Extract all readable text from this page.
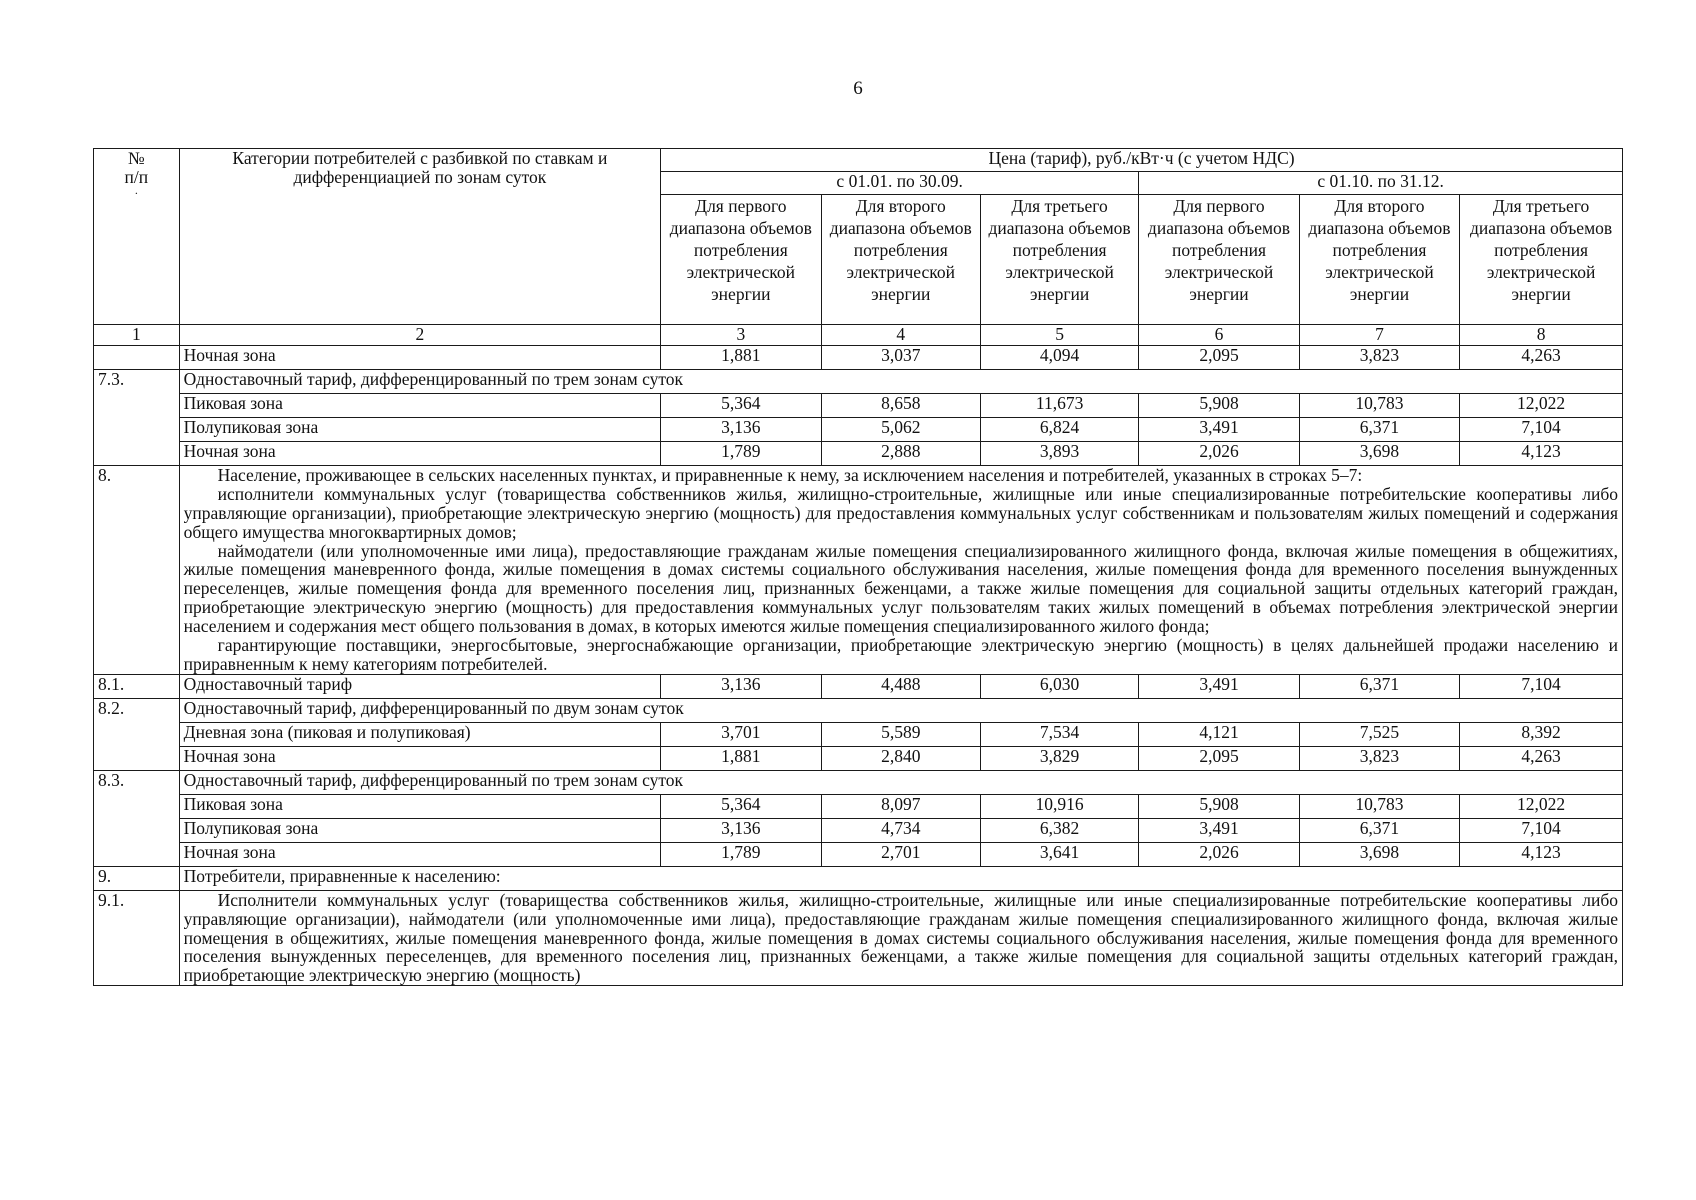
6
№
п/п
·	Категории потребителей с разбивкой по ставкам и дифференциацией по зонам суток	Цена (тариф), руб./кВт·ч (с учетом НДС)					
		с 01.01. по 30.09.			с 01.10. по 31.12.		
		Для первого диапазона объемов потребления электрической энергии	Для второго диапазона объемов потребления электрической энергии	Для третьего диапазона объемов потребления электрической энергии	Для первого диапазона объемов потребления электрической энергии	Для второго диапазона объемов потребления электрической энергии	Для третьего диапазона объемов потребления электрической энергии
1	2	3	4	5	6	7	8
	Ночная зона	1,881	3,037	4,094	2,095	3,823	4,263
7.3.	Одноставочный тариф, дифференцированный по трем зонам суток						
	Пиковая зона	5,364	8,658	11,673	5,908	10,783	12,022
	Полупиковая зона	3,136	5,062	6,824	3,491	6,371	7,104
	Ночная зона	1,789	2,888	3,893	2,026	3,698	4,123
8.	Население, проживающее в сельских населенных пунктах, и приравненные к нему, за исключением населения и потребителей, указанных в строках 5–7:

исполнители коммунальных услуг (товарищества собственников жилья, жилищно-строительные, жилищные или иные специализированные потребительские кооперативы либо управляющие организации), приобретающие электрическую энергию (мощность) для предоставления коммунальных услуг собственникам и пользователям жилых помещений и содержания общего имущества многоквартирных домов;

наймодатели (или уполномоченные ими лица), предоставляющие гражданам жилые помещения специализированного жилищного фонда, включая жилые помещения в общежитиях, жилые помещения маневренного фонда, жилые помещения в домах системы социального обслуживания населения, жилые помещения фонда для временного поселения вынужденных переселенцев, жилые помещения фонда для временного поселения лиц, признанных беженцами, а также жилые помещения для социальной защиты отдельных категорий граждан, приобретающие электрическую энергию (мощность) для предоставления коммунальных услуг пользователям таких жилых помещений в объемах потребления электрической энергии населением и содержания мест общего пользования в домах, в которых имеются жилые помещения специализированного жилого фонда;

гарантирующие поставщики, энергосбытовые, энергоснабжающие организации, приобретающие электрическую энергию (мощность) в целях дальнейшей продажи населению и приравненным к нему категориям потребителей.						

8.1.	Одноставочный тариф	3,136	4,488	6,030	3,491	6,371	7,104
8.2.	Одноставочный тариф, дифференцированный по двум зонам суток						
	Дневная зона (пиковая и полупиковая)	3,701	5,589	7,534	4,121	7,525	8,392
	Ночная зона	1,881	2,840	3,829	2,095	3,823	4,263
8.3.	Одноставочный тариф, дифференцированный по трем зонам суток						
	Пиковая зона	5,364	8,097	10,916	5,908	10,783	12,022
	Полупиковая зона	3,136	4,734	6,382	3,491	6,371	7,104
	Ночная зона	1,789	2,701	3,641	2,026	3,698	4,123
9.	Потребители, приравненные к населению:						
9.1.	Исполнители коммунальных услуг (товарищества собственников жилья, жилищно-строительные, жилищные или иные специализированные потребительские кооперативы либо управляющие организации), наймодатели (или уполномоченные ими лица), предоставляющие гражданам жилые помещения специализированного жилищного фонда, включая жилые помещения в общежитиях, жилые помещения маневренного фонда, жилые помещения в домах системы социального обслуживания населения, жилые помещения фонда для временного поселения вынужденных переселенцев, для временного поселения лиц, признанных беженцами, а также жилые помещения для социальной защиты отдельных категорий граждан, приобретающие электрическую энергию (мощность)						
